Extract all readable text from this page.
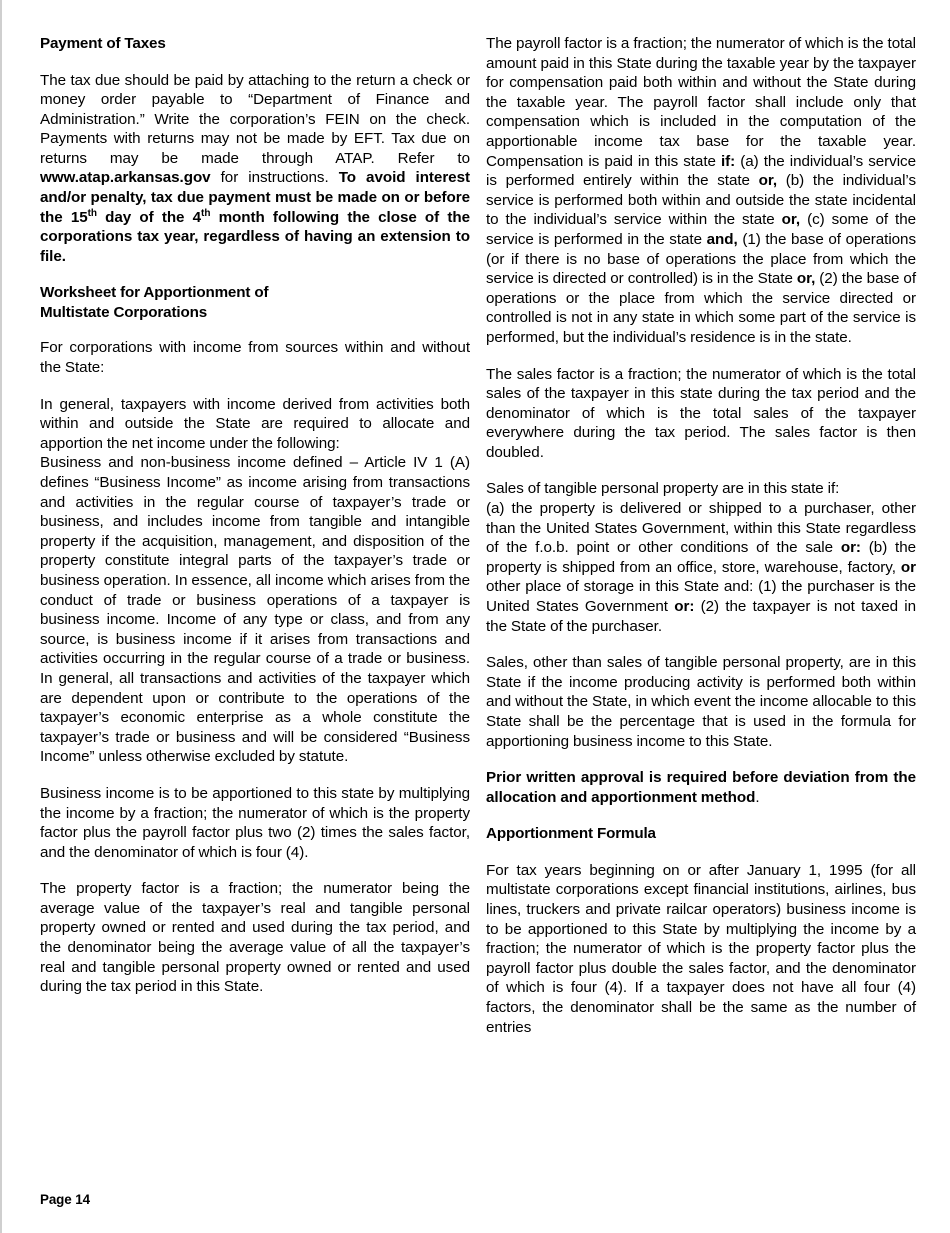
Payment of Taxes

The tax due should be paid by attaching to the return a check or money order payable to “Department of Finance and Administration.” Write the corporation’s FEIN on the check. Payments with returns may not be made by EFT. Tax due on returns may be made through ATAP. Refer to www.atap.arkansas.gov for instructions. To avoid interest and/or penalty, tax due payment must be made on or before the 15th day of the 4th month following the close of the corporations tax year, regardless of having an extension to file.

Worksheet for Apportionment of
Multistate Corporations

For corporations with income from sources within and without the State:

In general, taxpayers with income derived from activities both within and outside the State are required to allocate and apportion the net income under the following:

Business and non-business income defined – Article IV 1 (A) defines “Business Income” as income arising from transactions and activities in the regular course of taxpayer’s trade or business, and includes income from tangible and intangible property if the acquisition, management, and disposition of the property constitute integral parts of the taxpayer’s trade or business operation. In essence, all income which arises from the conduct of trade or business operations of a taxpayer is business income. Income of any type or class, and from any source, is business income if it arises from transactions and activities occurring in the regular course of a trade or business. In general, all transactions and activities of the taxpayer which are dependent upon or contribute to the operations of the taxpayer’s economic enterprise as a whole constitute the taxpayer’s trade or business and will be considered “Business Income” unless otherwise excluded by statute.

Business income is to be apportioned to this state by multiplying the income by a fraction; the numerator of which is the property factor plus the payroll factor plus two (2) times the sales factor, and the denominator of which is four (4).

The property factor is a fraction; the numerator being the average value of the taxpayer’s real and tangible personal property owned or rented and used during the tax period, and the denominator being the average value of all the taxpayer’s real and tangible personal property owned or rented and used during the tax period in this State.

The payroll factor is a fraction; the numerator of which is the total amount paid in this State during the taxable year by the taxpayer for compensation paid both within and without the State during the taxable year. The payroll factor shall include only that compensation which is included in the computation of the apportionable income tax base for the taxable year. Compensation is paid in this state if: (a) the individual’s service is performed entirely within the state or, (b) the individual’s service is performed both within and outside the state incidental to the individual’s service within the state or, (c) some of the service is performed in the state and, (1) the base of operations (or if there is no base of operations the place from which the service is directed or controlled) is in the State or, (2) the base of operations or the place from which the service directed or controlled is not in any state in which some part of the service is performed, but the individual’s residence is in the state.

The sales factor is a fraction; the numerator of which is the total sales of the taxpayer in this state during the tax period and the denominator of which is the total sales of the taxpayer everywhere during the tax period. The sales factor is then doubled.

Sales of tangible personal property are in this state if:

(a) the property is delivered or shipped to a purchaser, other than the United States Government, within this State regardless of the f.o.b. point or other conditions of the sale or: (b) the property is shipped from an office, store, warehouse, factory, or other place of storage in this State and: (1) the purchaser is the United States Government or: (2) the taxpayer is not taxed in the State of the purchaser.

Sales, other than sales of tangible personal property, are in this State if the income producing activity is performed both within and without the State, in which event the income allocable to this State shall be the percentage that is used in the formula for apportioning business income to this State.

Prior written approval is required before deviation from the allocation and apportionment method.

Apportionment Formula

For tax years beginning on or after January 1, 1995 (for all multistate corporations except financial institutions, airlines, bus lines, truckers and private railcar operators) business income is to be apportioned to this State by multiplying the income by a fraction; the numerator of which is the property factor plus the payroll factor plus double the sales factor, and the denominator of which is four (4). If a taxpayer does not have all four (4) factors, the denominator shall be the same as the number of entries

Page 14
